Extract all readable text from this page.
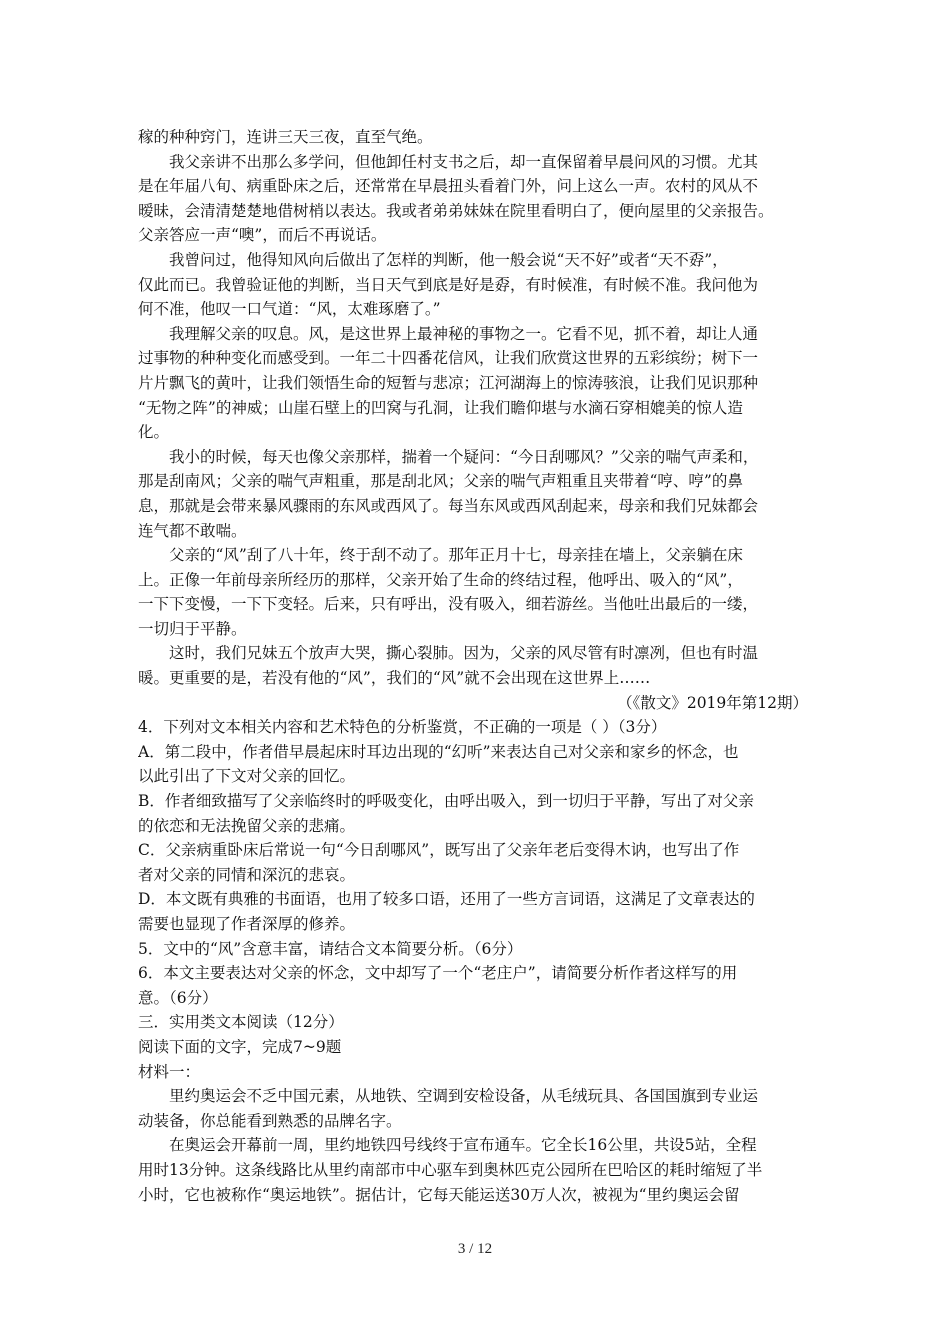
稼的种种窍门，连讲三天三夜，直至气绝。
我父亲讲不出那么多学问，但他卸任村支书之后，却一直保留着早晨问风的习惯。尤其
是在年届八旬、病重卧床之后，还常常在早晨扭头看着门外，问上这么一声。农村的风从不
暧昧，会清清楚楚地借树梢以表达。我或者弟弟妹妹在院里看明白了，便向屋里的父亲报告。
父亲答应一声“噢”，而后不再说话。
我曾问过，他得知风向后做出了怎样的判断，他一般会说“天不好”或者“天不孬”，
仅此而已。我曾验证他的判断，当日天气到底是好是孬，有时候准，有时候不准。我问他为
何不准，他叹一口气道：“风，太难琢磨了。”
我理解父亲的叹息。风，是这世界上最神秘的事物之一。它看不见，抓不着，却让人通
过事物的种种变化而感受到。一年二十四番花信风，让我们欣赏这世界的五彩缤纷；树下一
片片飘飞的黄叶，让我们领悟生命的短暂与悲凉；江河湖海上的惊涛骇浪，让我们见识那种
“无物之阵”的神威；山崖石壁上的凹窝与孔洞，让我们瞻仰堪与水滴石穿相媲美的惊人造
化。
我小的时候，每天也像父亲那样，揣着一个疑问：“今日刮哪风？”父亲的喘气声柔和，
那是刮南风；父亲的喘气声粗重，那是刮北风；父亲的喘气声粗重且夹带着“哼、哼”的鼻
息，那就是会带来暴风骤雨的东风或西风了。每当东风或西风刮起来，母亲和我们兄妹都会
连气都不敢喘。
父亲的“风”刮了八十年，终于刮不动了。那年正月十七，母亲挂在墙上，父亲躺在床
上。正像一年前母亲所经历的那样，父亲开始了生命的终结过程，他呼出、吸入的“风”，
一下下变慢，一下下变轻。后来，只有呼出，没有吸入，细若游丝。当他吐出最后的一缕，
一切归于平静。
这时，我们兄妹五个放声大哭，撕心裂肺。因为，父亲的风尽管有时凛冽，但也有时温
暖。更重要的是，若没有他的“风”，我们的“风”就不会出现在这世界上……
（《散文》2019年第12期）
4．下列对文本相关内容和艺术特色的分析鉴赏，不正确的一项是（ ）（3分）
A．第二段中，作者借早晨起床时耳边出现的“幻听”来表达自己对父亲和家乡的怀念，也
以此引出了下文对父亲的回忆。
B．作者细致描写了父亲临终时的呼吸变化，由呼出吸入，到一切归于平静，写出了对父亲
的依恋和无法挽留父亲的悲痛。
C．父亲病重卧床后常说一句“今日刮哪风”，既写出了父亲年老后变得木讷，也写出了作
者对父亲的同情和深沉的悲哀。
D．本文既有典雅的书面语，也用了较多口语，还用了一些方言词语，这满足了文章表达的
需要也显现了作者深厚的修养。
5．文中的“风”含意丰富，请结合文本简要分析。（6分）
6．本文主要表达对父亲的怀念，文中却写了一个“老庄户”，请简要分析作者这样写的用
意。（6分）
三．实用类文本阅读（12分）
阅读下面的文字，完成7~9题
材料一：
里约奥运会不乏中国元素，从地铁、空调到安检设备，从毛绒玩具、各国国旗到专业运
动装备，你总能看到熟悉的品牌名字。
在奥运会开幕前一周，里约地铁四号线终于宣布通车。它全长16公里，共设5站，全程
用时13分钟。这条线路比从里约南部市中心驱车到奥林匹克公园所在巴哈区的耗时缩短了半
小时，它也被称作“奥运地铁”。据估计，它每天能运送30万人次，被视为“里约奥运会留
3 / 12
